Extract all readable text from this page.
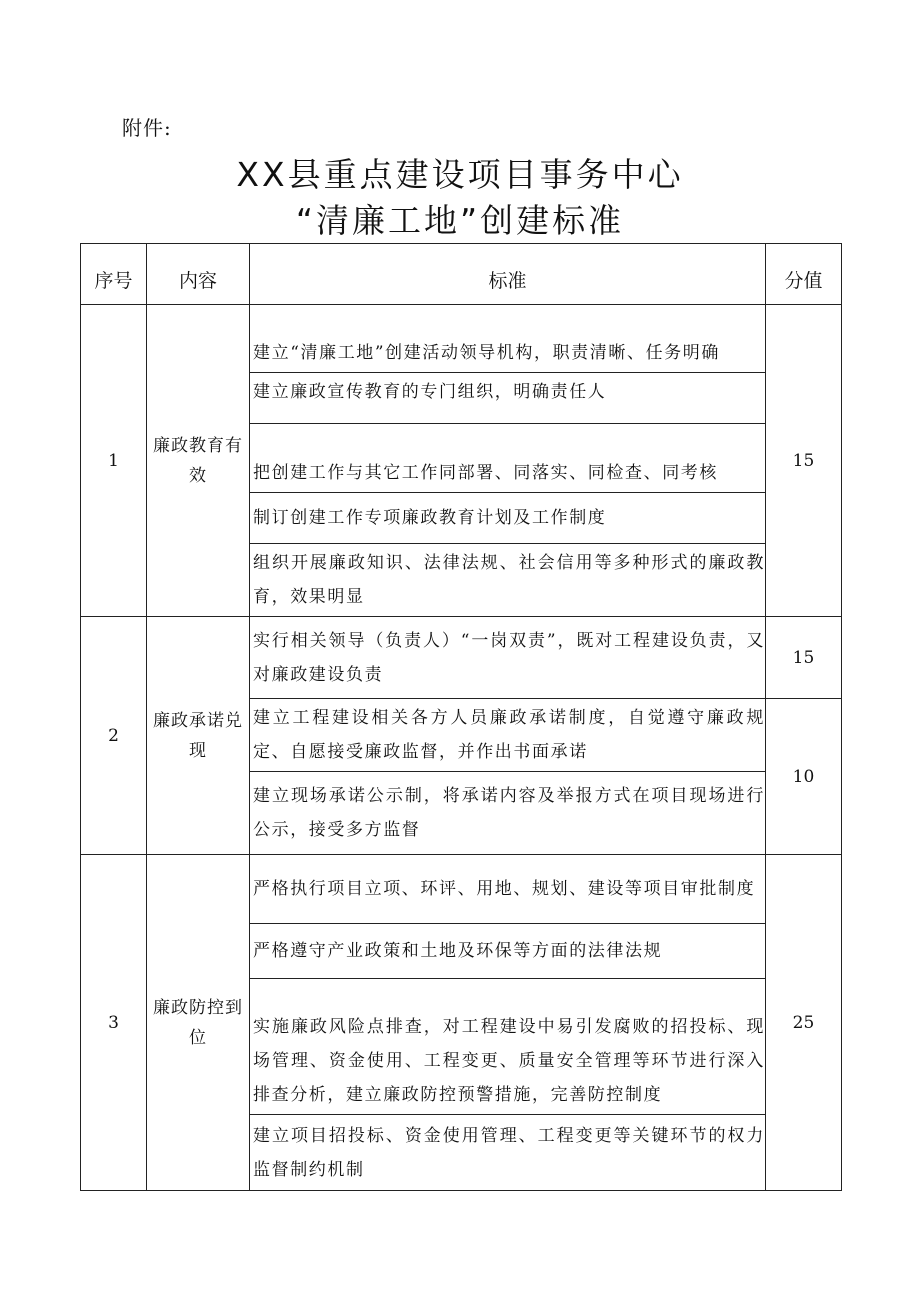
附件:
XX县重点建设项目事务中心
“清廉工地”创建标准
序号	内容	标准	分值
1	廉政教育有效	建立“清廉工地”创建活动领导机构，职责清晰、任务明确	15
		建立廉政宣传教育的专门组织，明确责任人	
		把创建工作与其它工作同部署、同落实、同检查、同考核	
		制订创建工作专项廉政教育计划及工作制度	
		组织开展廉政知识、法律法规、社会信用等多种形式的廉政教育，效果明显	
2	廉政承诺兑现	实行相关领导（负责人）“一岗双责”，既对工程建设负责，又对廉政建设负责	15
		建立工程建设相关各方人员廉政承诺制度，自觉遵守廉政规定、自愿接受廉政监督，并作出书面承诺	10
		建立现场承诺公示制，将承诺内容及举报方式在项目现场进行公示，接受多方监督	
3	廉政防控到位	严格执行项目立项、环评、用地、规划、建设等项目审批制度	25
		严格遵守产业政策和土地及环保等方面的法律法规	
		实施廉政风险点排查，对工程建设中易引发腐败的招投标、现场管理、资金使用、工程变更、质量安全管理等环节进行深入排查分析，建立廉政防控预警措施，完善防控制度	
		建立项目招投标、资金使用管理、工程变更等关键环节的权力监督制约机制	
